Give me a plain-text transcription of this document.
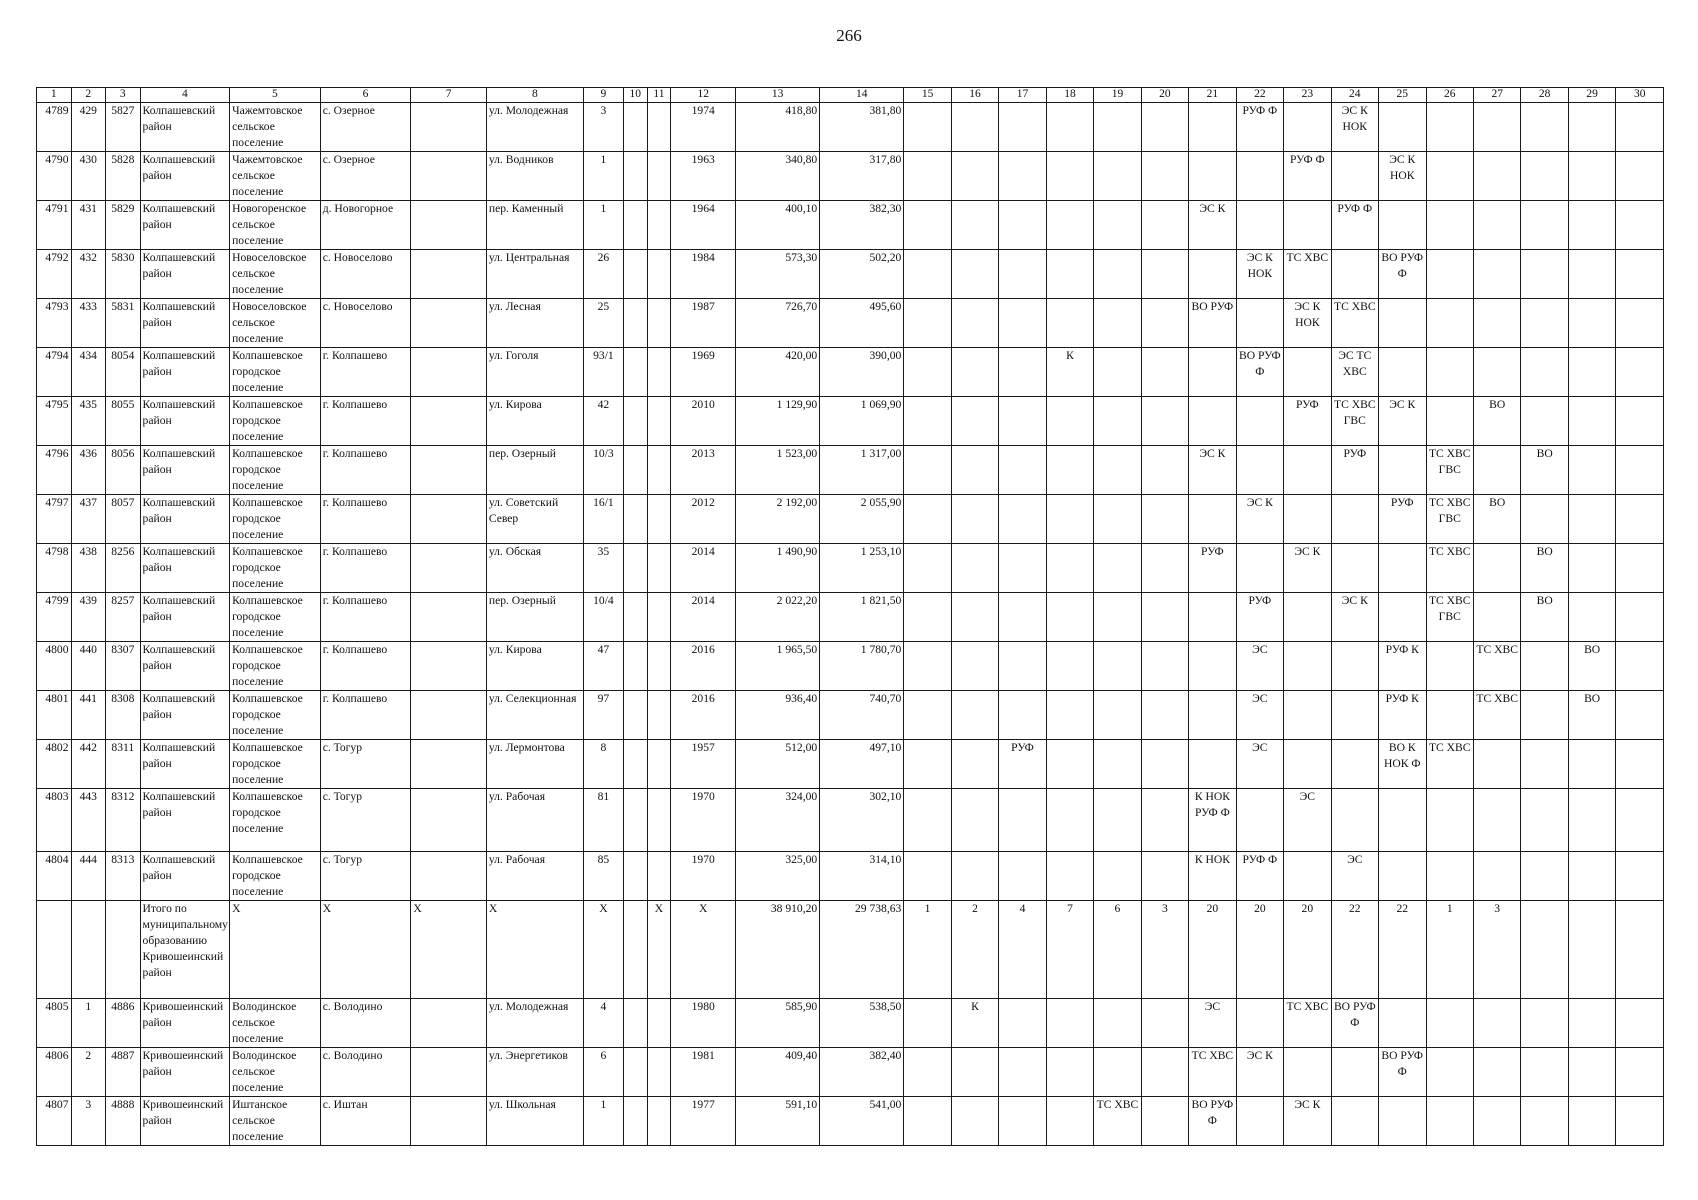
266
1	2	3	4	5	6	7	8	9	10	11	12	13	14	15	16	17	18	19	20	21	22	23	24	25	26	27	28	29	30
4789	429	5827	Колпашевский район	Чажемтовское сельское поселение	с. Озерное		ул. Молодежная	3			1974	418,80	381,80								РУФ Ф		ЭС К НОК						
4790	430	5828	Колпашевский район	Чажемтовское сельское поселение	с. Озерное		ул. Водников	1			1963	340,80	317,80									РУФ Ф		ЭС К НОК					
4791	431	5829	Колпашевский район	Новогоренское сельское поселение	д. Новогорное		пер. Каменный	1			1964	400,10	382,30							ЭС К			РУФ Ф						
4792	432	5830	Колпашевский район	Новоселовское сельское поселение	с. Новоселово		ул. Центральная	26			1984	573,30	502,20								ЭС К НОК	ТС ХВС		ВО РУФ Ф					
4793	433	5831	Колпашевский район	Новоселовское сельское поселение	с. Новоселово		ул. Лесная	25			1987	726,70	495,60							ВО РУФ		ЭС К НОК	ТС ХВС						
4794	434	8054	Колпашевский район	Колпашевское городское поселение	г. Колпашево		ул. Гоголя	93/1			1969	420,00	390,00				К				ВО РУФ Ф		ЭС ТС ХВС						
4795	435	8055	Колпашевский район	Колпашевское городское поселение	г. Колпашево		ул. Кирова	42			2010	1 129,90	1 069,90									РУФ	ТС ХВС ГВС	ЭС К		ВО			
4796	436	8056	Колпашевский район	Колпашевское городское поселение	г. Колпашево		пер. Озерный	10/3			2013	1 523,00	1 317,00							ЭС К			РУФ		ТС ХВС ГВС		ВО		
4797	437	8057	Колпашевский район	Колпашевское городское поселение	г. Колпашево		ул. Советский Север	16/1			2012	2 192,00	2 055,90								ЭС К			РУФ	ТС ХВС ГВС	ВО			
4798	438	8256	Колпашевский район	Колпашевское городское поселение	г. Колпашево		ул. Обская	35			2014	1 490,90	1 253,10							РУФ		ЭС К			ТС ХВС		ВО		
4799	439	8257	Колпашевский район	Колпашевское городское поселение	г. Колпашево		пер. Озерный	10/4			2014	2 022,20	1 821,50								РУФ		ЭС К		ТС ХВС ГВС		ВО		
4800	440	8307	Колпашевский район	Колпашевское городское поселение	г. Колпашево		ул. Кирова	47			2016	1 965,50	1 780,70								ЭС			РУФ К		ТС ХВС		ВО	
4801	441	8308	Колпашевский район	Колпашевское городское поселение	г. Колпашево		ул. Селекционная	97			2016	936,40	740,70								ЭС			РУФ К		ТС ХВС		ВО	
4802	442	8311	Колпашевский район	Колпашевское городское поселение	с. Тогур		ул. Лермонтова	8			1957	512,00	497,10			РУФ					ЭС			ВО К НОК Ф	ТС ХВС				
4803	443	8312	Колпашевский район	Колпашевское городское поселение	с. Тогур		ул. Рабочая	81			1970	324,00	302,10							К НОК РУФ Ф		ЭС							
4804	444	8313	Колпашевский район	Колпашевское городское поселение	с. Тогур		ул. Рабочая	85			1970	325,00	314,10							К НОК	РУФ Ф		ЭС						
			Итого по муниципальному образованию Кривошеинский район	X	X	X	X	X		X	X	38 910,20	29 738,63	1	2	4	7	6	3	20	20	20	22	22	1	3			
4805	1	4886	Кривошеинский район	Володинское сельское поселение	с. Володино		ул. Молодежная	4			1980	585,90	538,50		К					ЭС		ТС ХВС	ВО РУФ Ф						
4806	2	4887	Кривошеинский район	Володинское сельское поселение	с. Володино		ул. Энергетиков	6			1981	409,40	382,40							ТС ХВС	ЭС К			ВО РУФ Ф					
4807	3	4888	Кривошеинский район	Иштанское сельское поселение	с. Иштан		ул. Школьная	1			1977	591,10	541,00					ТС ХВС		ВО РУФ Ф		ЭС К							
